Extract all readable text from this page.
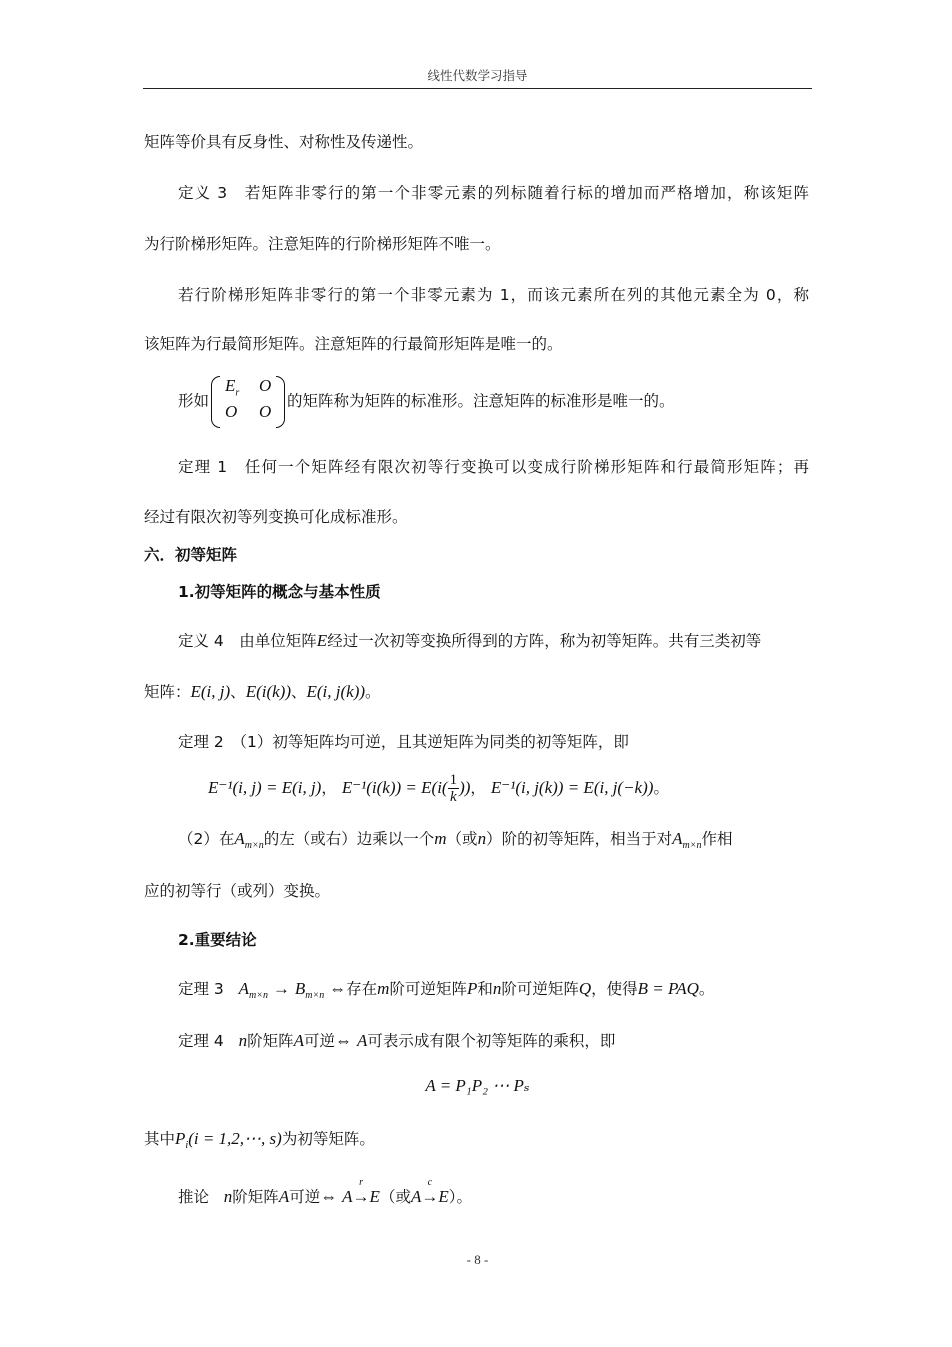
线性代数学习指导
矩阵等价具有反身性、对称性及传递性。
定义 3　若矩阵非零行的第一个非零元素的列标随着行标的增加而严格增加，称该矩阵
为行阶梯形矩阵。注意矩阵的行阶梯形矩阵不唯一。
若行阶梯形矩阵非零行的第一个非零元素为 1，而该元素所在列的其他元素全为 0，称
该矩阵为行最简形矩阵。注意矩阵的行最简形矩阵是唯一的。
形如
$E_r$ O
O O
的矩阵称为矩阵的标准形。注意矩阵的标准形是唯一的。
定理 1　任何一个矩阵经有限次初等行变换可以变成行阶梯形矩阵和行最简形矩阵；再
经过有限次初等列变换可化成标准形。
六．初等矩阵
1.初等矩阵的概念与基本性质
定义 4　由单位矩阵E经过一次初等变换所得到的方阵，称为初等矩阵。共有三类初等
矩阵：E(i, j)、E(i(k))、E(i, j(k))。
定理 2　（1）初等矩阵均可逆，且其逆矩阵为同类的初等矩阵，即
E⁻¹(i, j) = E(i, j)， $E^{-1}(i(k)) = E(i( \frac{1}{k}$ ))， E⁻¹(i, j(k)) = E(i, j(−k))。
（2）在$A_{m\times n}$的左（或右）边乘以一个m（或n）阶的初等矩阵，相当于对$A_{m\times n}$作相
应的初等行（或列）变换。
2.重要结论
定理 3 $A_{m\times n} \to B_{m\times n}$ ⇔存在m阶可逆矩阵P和n阶可逆矩阵Q，使得B = PAQ。
定理 4 n阶矩阵A可逆⇔ A可表示成有限个初等矩阵的乘积，即
A = P₁P₂ ⋯ Pₛ
其中$P_i(i$ = 1,2,⋯, s)为初等矩阵。
推论 n阶矩阵A可逆⇔ A
r
→E（或A
c
→E）。
- 8 -
